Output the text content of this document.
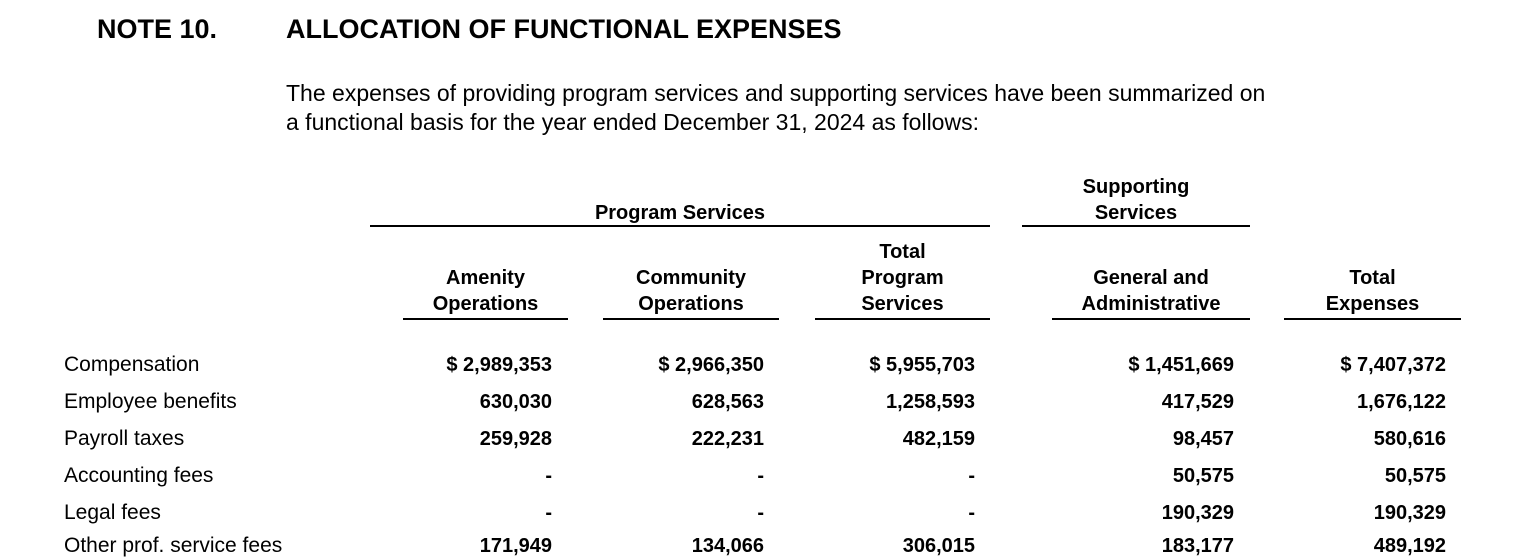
NOTE 10.	ALLOCATION OF FUNCTIONAL EXPENSES
The expenses of providing program services and supporting services have been summarized on
a functional basis for the year ended December 31, 2024 as follows:
Program Services
Supporting
Services

Amenity
Operations

Community
Operations
Total
Program
Services

General and
Administrative

Total
Expenses
Compensation	$ 2,989,353	$ 2,966,350	$ 5,955,703	$ 1,451,669	$ 7,407,372
Employee benefits	630,030	628,563	1,258,593	417,529	1,676,122
Payroll taxes	259,928	222,231	482,159	98,457	580,616
Accounting fees	-	-	-	50,575	50,575
Legal fees	-	-	-	190,329	190,329
Other prof. service fees	171,949	134,066	306,015	183,177	489,192
